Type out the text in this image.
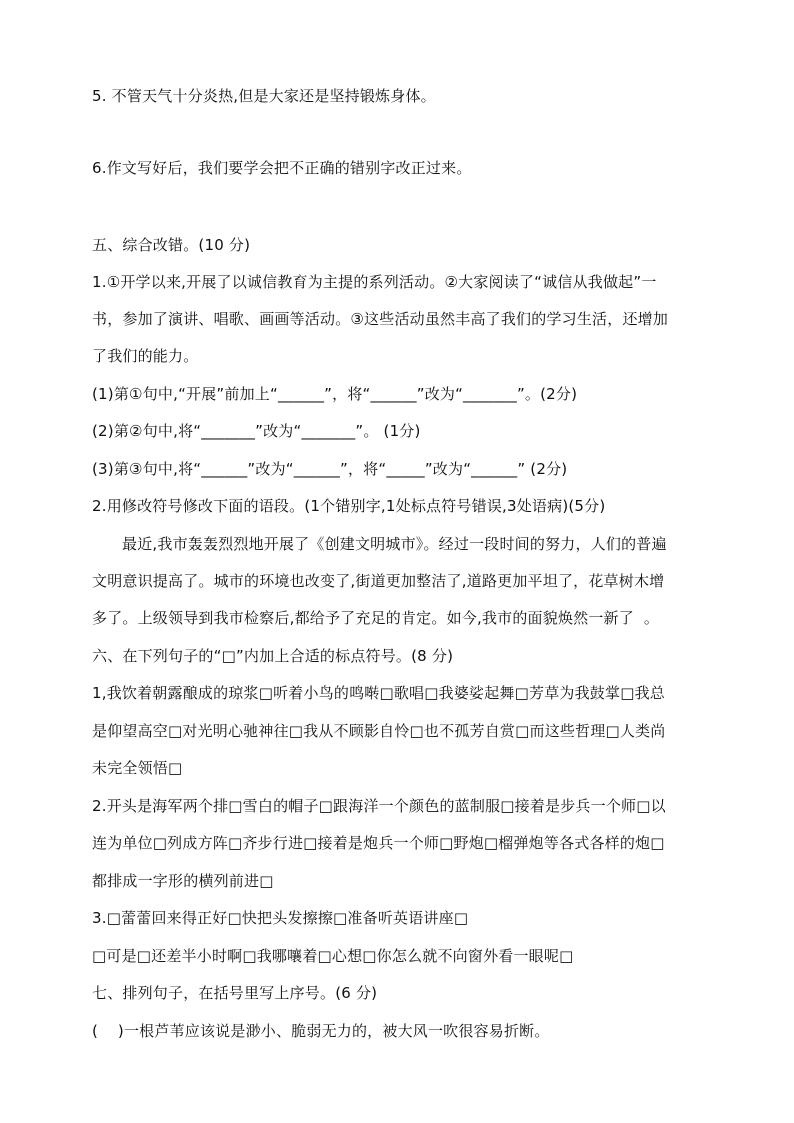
5. 不管天气十分炎热,但是大家还是坚持锻炼身体。
6.作文写好后，我们要学会把不正确的错别字改正过来。
五、综合改错。(10 分)
1.①开学以来,开展了以诚信教育为主提的系列活动。②大家阅读了“诚信从我做起”一
书，参加了演讲、唱歌、画画等活动。③这些活动虽然丰高了我们的学习生活，还增加
了我们的能力。
(1)第①句中,“开展”前加上“______”，将“______”改为“_______”。(2分)
(2)第②句中,将“_______”改为“_______”。 (1分)
(3)第③句中,将“______”改为“______”，将“_____”改为“______” (2分)
2.用修改符号修改下面的语段。(1个错别字,1处标点符号错误,3处语病)(5分)
最近,我市轰轰烈烈地开展了《创建文明城市》。经过一段时间的努力，人们的普遍
文明意识提高了。城市的环境也改变了,街道更加整洁了,道路更加平坦了，花草树木增
多了。上级领导到我市检察后,都给予了充足的肯定。如今,我市的面貌焕然一新了  。
六、在下列句子的“□”内加上合适的标点符号。(8 分)
1,我饮着朝露酿成的琼浆□听着小鸟的鸣啭□歌唱□我婆娑起舞□芳草为我鼓掌□我总
是仰望高空□对光明心驰神往□我从不顾影自怜□也不孤芳自赏□而这些哲理□人类尚
未完全领悟□
2.开头是海军两个排□雪白的帽子□跟海洋一个颜色的蓝制服□接着是步兵一个师□以
连为单位□列成方阵□齐步行进□接着是炮兵一个师□野炮□榴弹炮等各式各样的炮□
都排成一字形的横列前进□
3.□蕾蕾回来得正好□快把头发擦擦□准备听英语讲座□
□可是□还差半小时啊□我哪嚷着□心想□你怎么就不向窗外看一眼呢□
七、排列句子，在括号里写上序号。(6 分)
(    )一根芦苇应该说是渺小、脆弱无力的，被大风一吹很容易折断。
